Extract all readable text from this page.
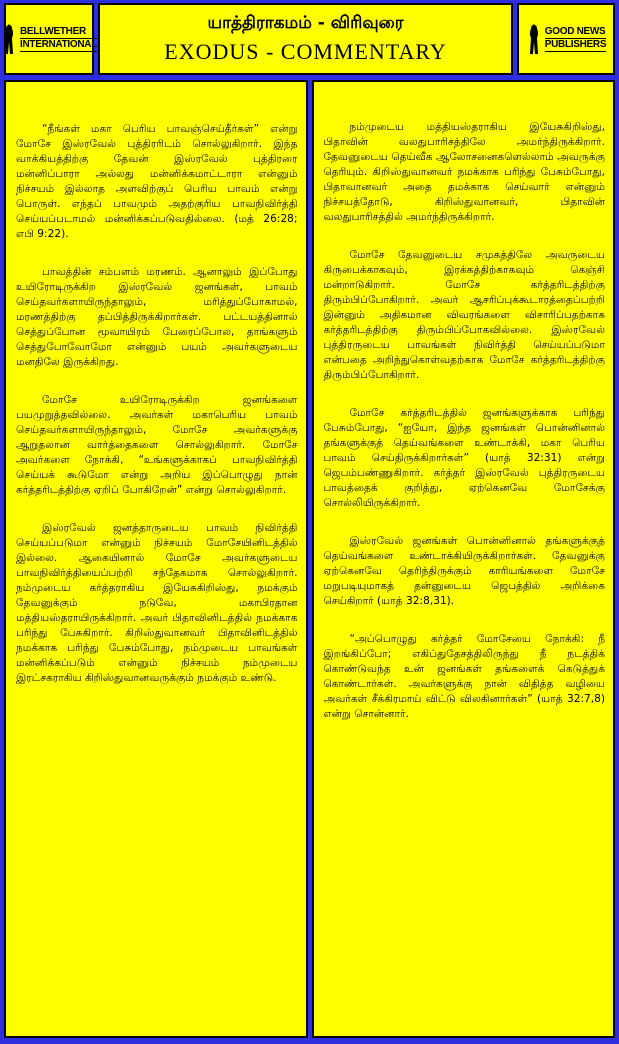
BELLWETHER
INTERNATIONAL
யாத்திராகமம் - விரிவுரை
EXODUS - COMMENTARY
GOOD NEWS
PUBLISHERS

“நீங்கள் மகா பெரிய பாவஞ்செய்தீர்கள்” என்று மோசே இஸ்ரவேல் புத்திரரிடம் சொல்லுகிறார். இந்த வாக்கியத்திற்கு தேவன் இஸ்ரவேல் புத்திரரை மன்னிப்பாரா அல்லது மன்னிக்கமாட்டாரா என்னும் நிச்சயம் இல்லாத அளவிற்குப் பெரிய பாவம் என்று பொருள். எந்தப் பாவமும் அதற்குரிய பாவநிவிர்த்தி செய்யப்படாமல் மன்னிக்கப்படுவதில்லை. (மத் 26:28; எபி 9:22).

பாவத்தின் சம்பளம் மரணம். ஆனாலும் இப்போது உயிரோடிருக்கிற இஸ்ரவேல் ஜனங்கள், பாவம் செய்தவர்களாயிருந்தாலும், மரித்துப்போகாமல், மரணத்திற்கு தப்பித்திருக்கிறார்கள். பட்டயத்தினால் செத்துப்போன மூவாயிரம் பேரைப்போல, தாங்களும் செத்துபோவோமோ என்னும் பயம் அவர்களுடைய மனதிலே இருக்கிறது.

மோசே உயிரோடிருக்கிற ஜனங்களை பயமுறுத்தவில்லை. அவர்கள் மகாபெரிய பாவம் செய்தவர்களாயிருந்தாலும், மோசே அவர்களுக்கு ஆறுதலான வார்த்தைகளை சொல்லுகிறார். மோசே அவர்களை நோக்கி, “உங்களுக்காகப் பாவநிவிர்த்தி செய்யக் கூடுமோ என்று அறிய இப்பொழுது நான் கர்த்தரிடத்திற்கு ஏறிப் போகிறேன்” என்று சொல்லுகிறார்.

இஸ்ரவேல் ஜனத்தாருடைய பாவம் நிவிர்த்தி செய்யப்படுமா என்னும் நிச்சயம் மோசேயினிடத்தில் இல்லை. ஆகையினால் மோசே அவர்களுடைய பாவநிவிர்த்தியைப்பற்றி சந்தேகமாக சொல்லுகிறார். நம்முடைய கர்த்தராகிய இயேசுகிறிஸ்து, நமக்கும் தேவனுக்கும் நடுவே, மகாபிரதான மத்தியஸ்தராயிருக்கிறார். அவர் பிதாவினிடத்தில் நமக்காக பரிந்து பேசுகிறார். கிறிஸ்துவானவர் பிதாவினிடத்தில் நமக்காக பரிந்து பேசும்போது, நம்முடைய பாவங்கள் மன்னிக்கப்படும் என்னும் நிச்சயம் நம்முடைய இரட்சகராகிய கிறிஸ்துவானவருக்கும் நமக்கும் உண்டு.

நம்முடைய மத்தியஸ்தராகிய இயேசுகிறிஸ்து, பிதாவின் வலதுபாரிசத்திலே அமர்ந்திருக்கிறார். தேவனுடைய தெய்வீக ஆலோசனைகளெல்லாம் அவருக்கு தெரியும். கிறிஸ்துவானவர் நமக்காக பரிந்து பேசும்போது, பிதாவானவர் அதை தமக்காக செய்வார் என்னும் நிச்சயத்தோடு, கிறிஸ்துவானவர், பிதாவின் வலதுபாரிசத்தில் அமர்ந்திருக்கிறார்.

மோசே தேவனுடைய சமுகத்திலே அவருடைய கிருபைக்காகவும், இரக்கத்திற்காகவும் கெஞ்சி மன்றாடுகிறார். மோசே கர்த்தரிடத்திற்கு திரும்பிப்போகிறார். அவர் ஆசரிப்புக்கூடாரத்தைப்பற்றி இன்னும் அதிகமான விவரங்களை விசாரிப்பதற்காக கர்த்தரிடத்திற்கு திரும்பிப்போகவில்லை. இஸ்ரவேல் புத்திரருடைய பாவங்கள் நிவிர்த்தி செய்யப்படுமா என்பதை அறிந்துகொள்வதற்காக மோசே கர்த்தரிடத்திற்கு திரும்பிப்போகிறார்.

மோசே கர்த்தரிடத்தில் ஜனங்களுக்காக பரிந்து பேசும்போது, “ஐயோ, இந்த ஜனங்கள் பொன்னினால் தங்களுக்குத் தெய்வங்களை உண்டாக்கி, மகா பெரிய பாவம் செய்திருக்கிறார்கள்” (யாத் 32:31) என்று ஜெபம்பண்ணுகிறார். கர்த்தர் இஸ்ரவேல் புத்திரருடைய பாவத்தைக் குறித்து, ஏற்கெனவே மோசேக்கு சொல்லியிருக்கிறார்.

இஸ்ரவேல் ஜனங்கள் பொன்னினால் தங்களுக்குத் தெய்வங்களை உண்டாக்கியிருக்கிறார்கள். தேவனுக்கு ஏற்கெனவே தெரிந்திருக்கும் காரியங்களை மோசே மறுபடியுமாகத் தன்னுடைய ஜெபத்தில் அறிக்கை செய்கிறார் (யாத் 32:8,31).

“அப்பொழுது கர்த்தர் மோசேயை நோக்கி: நீ இறங்கிப்போ; எகிப்துதேசத்திலிருந்து நீ நடத்திக் கொண்டுவந்த உன் ஜனங்கள் தங்களைக் கெடுத்துக் கொண்டார்கள். அவர்களுக்கு நான் விதித்த வழியை அவர்கள் சீக்கிரமாய் விட்டு விலகினார்கள்” (யாத் 32:7,8) என்று சொன்னார்.
